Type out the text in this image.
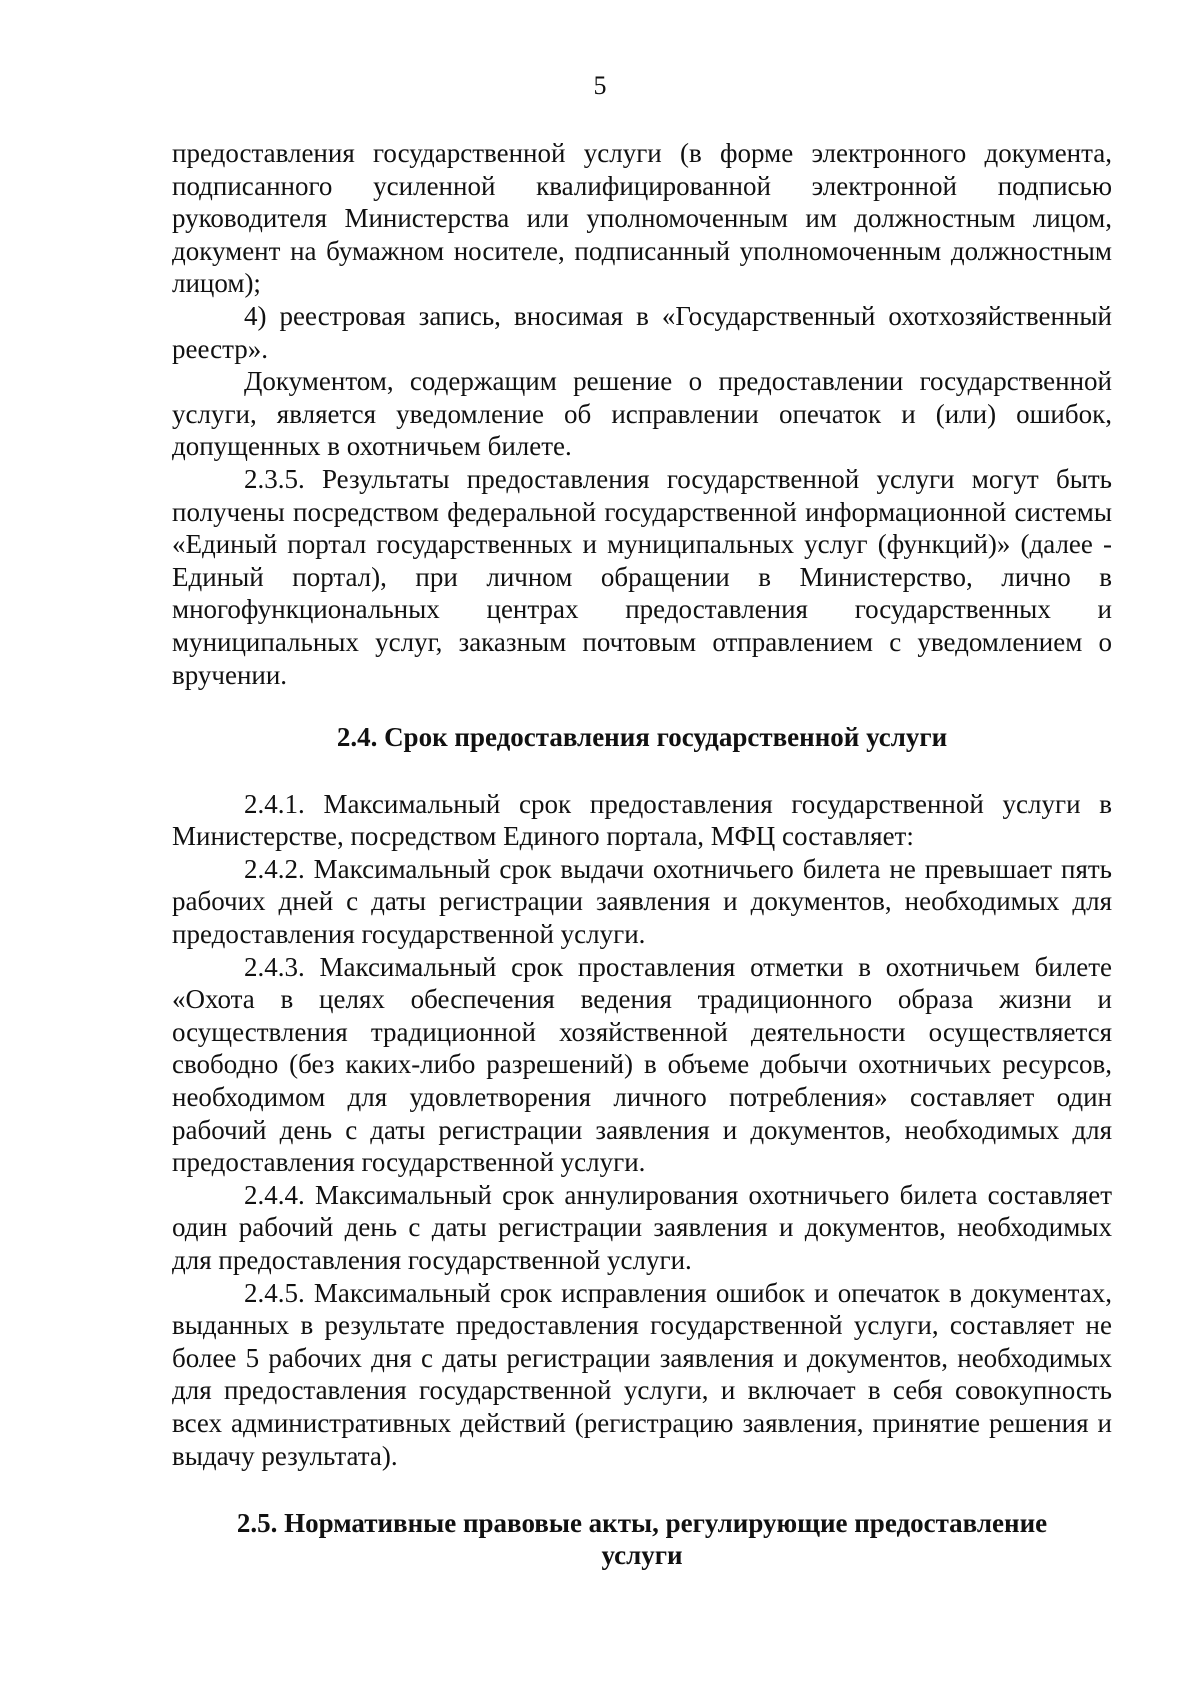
5

предоставления государственной услуги (в форме электронного документа, подписанного усиленной квалифицированной электронной подписью руководителя Министерства или уполномоченным им должностным лицом, документ на бумажном носителе, подписанный уполномоченным должностным лицом);

4) реестровая запись, вносимая в «Государственный охотхозяйственный реестр».

Документом, содержащим решение о предоставлении государственной услуги, является уведомление об исправлении опечаток и (или) ошибок, допущенных в охотничьем билете.

2.3.5. Результаты предоставления государственной услуги могут быть получены посредством федеральной государственной информационной системы «Единый портал государственных и муниципальных услуг (функций)» (далее - Единый портал), при личном обращении в Министерство, лично в многофункциональных центрах предоставления государственных и муниципальных услуг, заказным почтовым отправлением с уведомлением о вручении.

2.4. Срок предоставления государственной услуги

2.4.1. Максимальный срок предоставления государственной услуги в Министерстве, посредством Единого портала, МФЦ составляет:

2.4.2. Максимальный срок выдачи охотничьего билета не превышает пять рабочих дней с даты регистрации заявления и документов, необходимых для предоставления государственной услуги.

2.4.3. Максимальный срок проставления отметки в охотничьем билете «Охота в целях обеспечения ведения традиционного образа жизни и осуществления традиционной хозяйственной деятельности осуществляется свободно (без каких-либо разрешений) в объеме добычи охотничьих ресурсов, необходимом для удовлетворения личного потребления» составляет один рабочий день с даты регистрации заявления и документов, необходимых для предоставления государственной услуги.

2.4.4. Максимальный срок аннулирования охотничьего билета составляет один рабочий день с даты регистрации заявления и документов, необходимых для предоставления государственной услуги.

2.4.5. Максимальный срок исправления ошибок и опечаток в документах, выданных в результате предоставления государственной услуги, составляет не более 5 рабочих дня с даты регистрации заявления и документов, необходимых для предоставления государственной услуги, и включает в себя совокупность всех административных действий (регистрацию заявления, принятие решения и выдачу результата).

2.5. Нормативные правовые акты, регулирующие предоставление
услуги
